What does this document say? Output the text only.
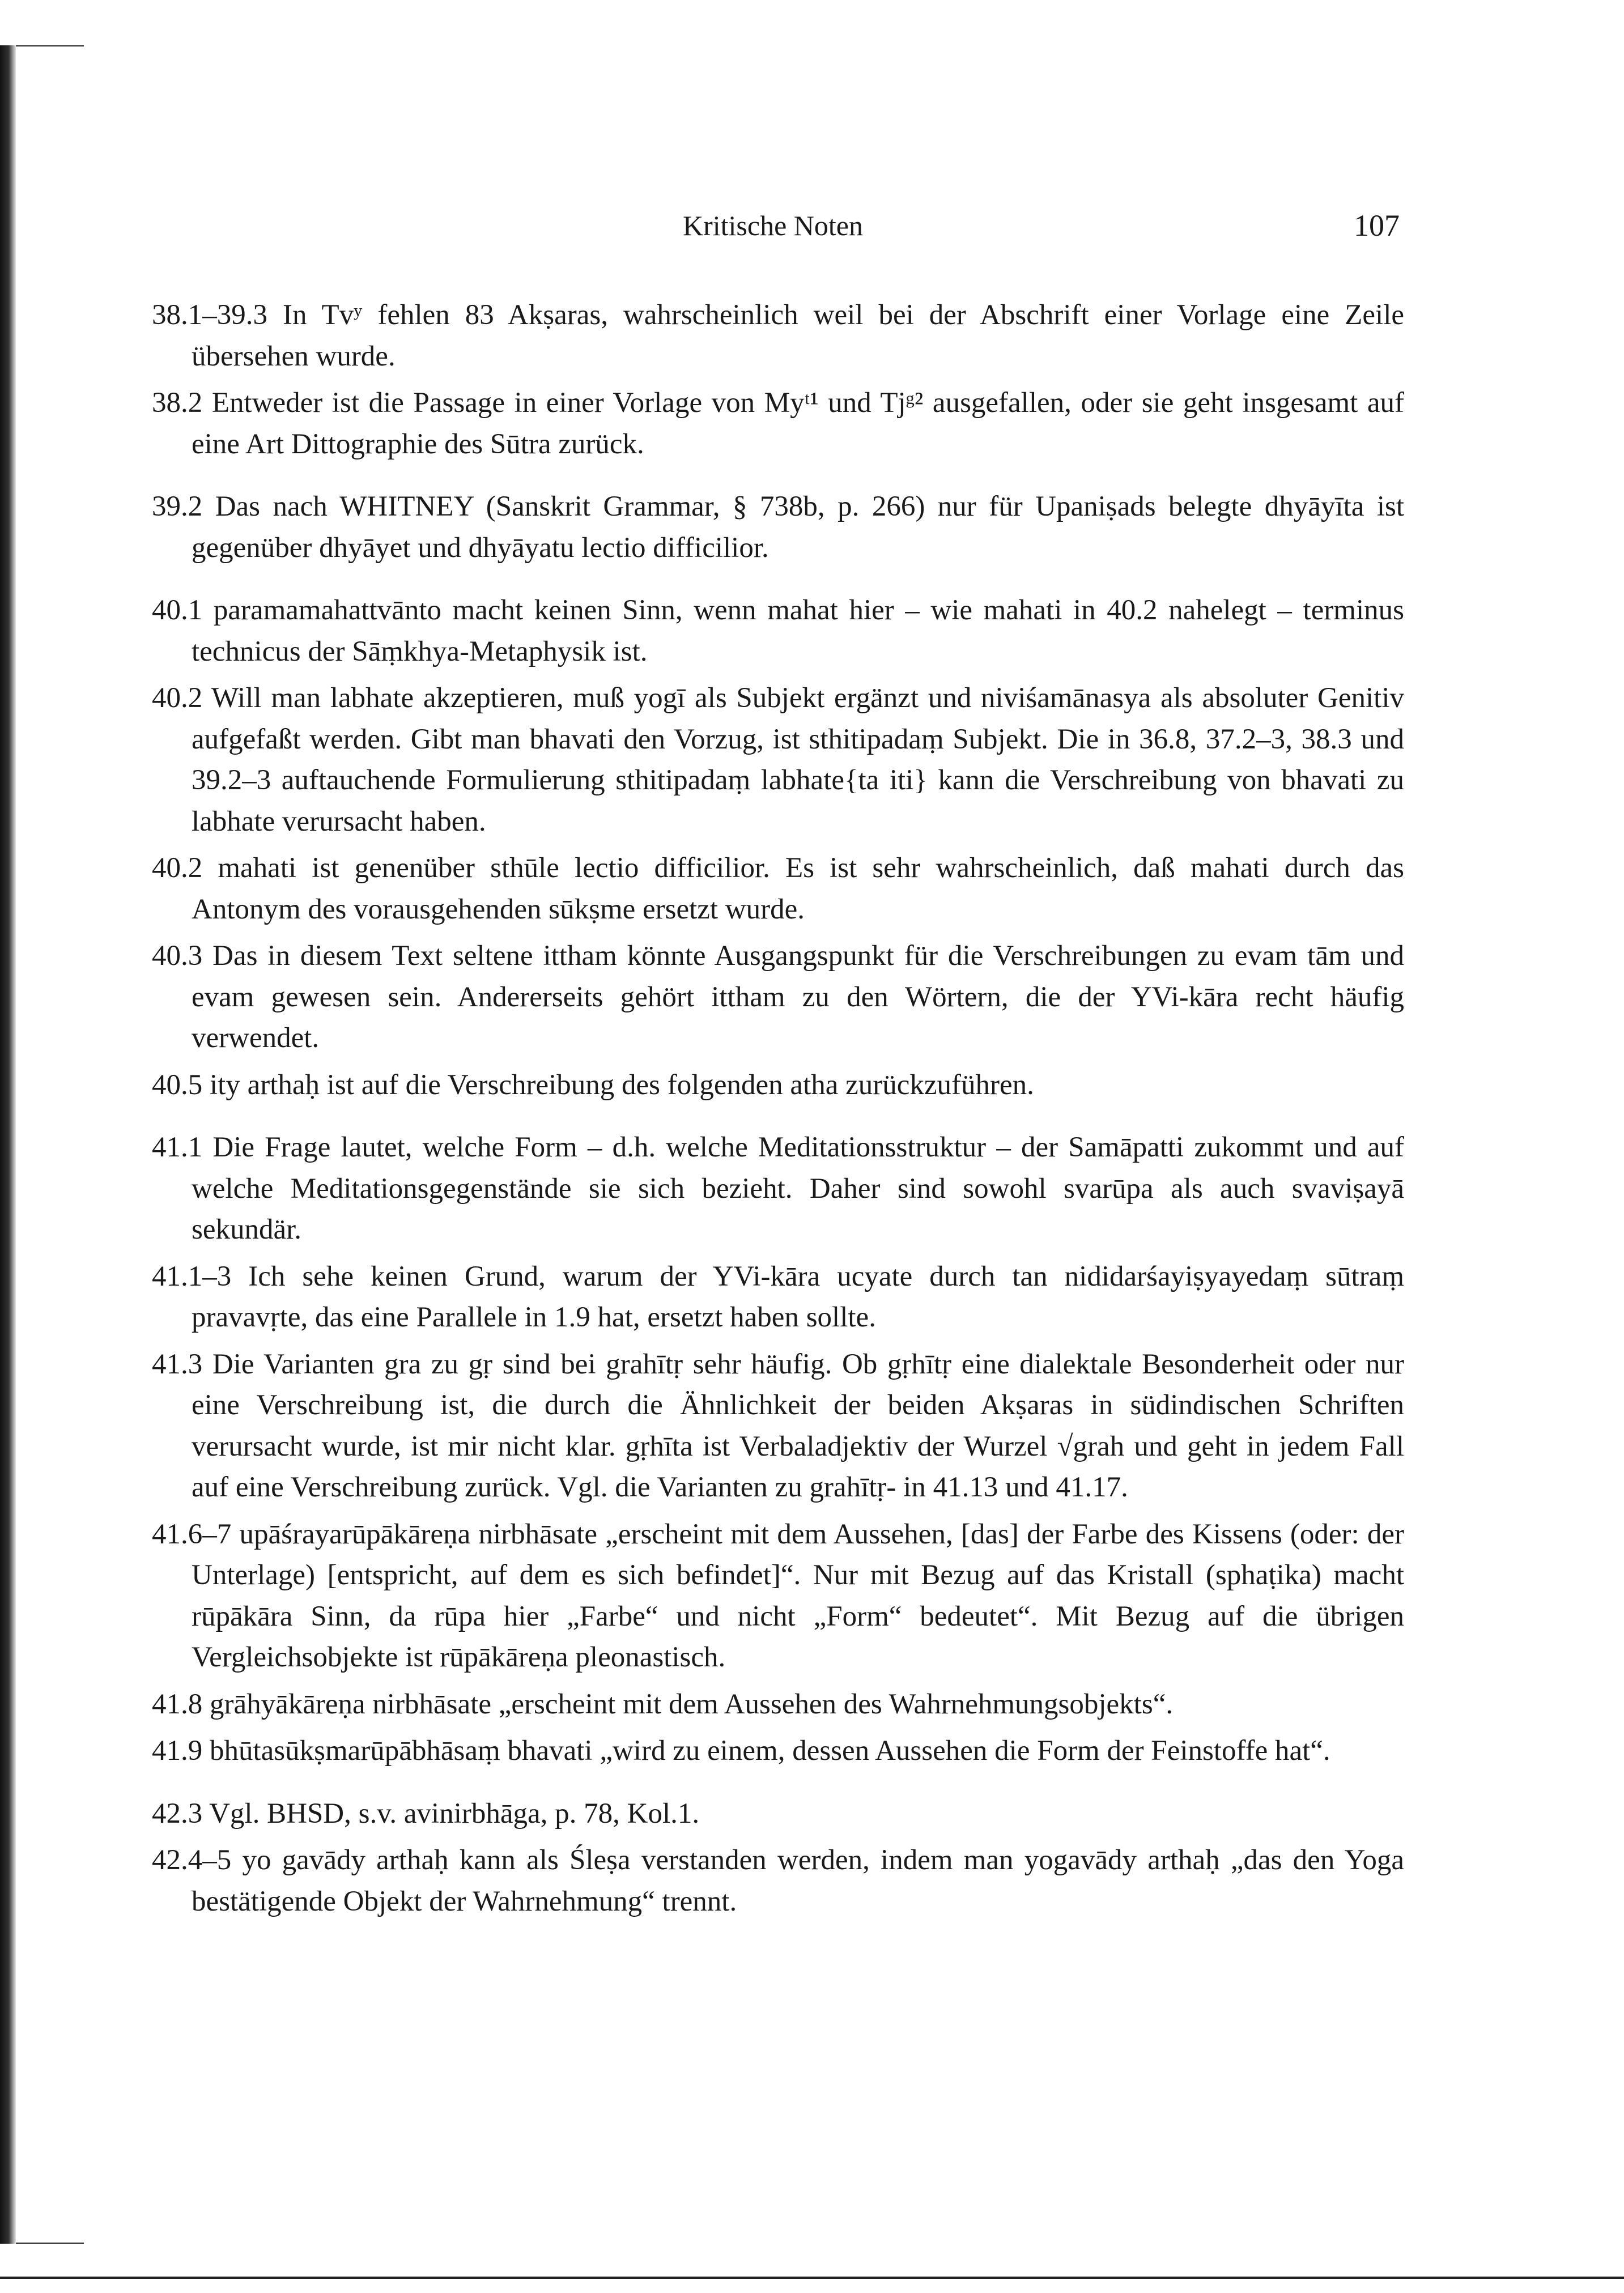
Kritische Noten	107

38.1–39.3 In Tvʸ fehlen 83 Akṣaras, wahrscheinlich weil bei der Abschrift einer Vorlage eine Zeile übersehen wurde.

38.2 Entweder ist die Passage in einer Vorlage von Myᵗ¹ und Tjᵍ² ausgefallen, oder sie geht insgesamt auf eine Art Dittographie des Sūtra zurück.

39.2 Das nach WHITNEY (Sanskrit Grammar, § 738b, p. 266) nur für Upaniṣads belegte dhyāyīta ist gegenüber dhyāyet und dhyāyatu lectio difficilior.

40.1 paramamahattvānto macht keinen Sinn, wenn mahat hier – wie mahati in 40.2 nahelegt – terminus technicus der Sāṃkhya-Metaphysik ist.

40.2 Will man labhate akzeptieren, muß yogī als Subjekt ergänzt und niviśamānasya als absoluter Genitiv aufgefaßt werden. Gibt man bhavati den Vorzug, ist sthitipadaṃ Subjekt. Die in 36.8, 37.2–3, 38.3 und 39.2–3 auftauchende Formulierung sthitipadaṃ labhate{ta iti} kann die Verschreibung von bhavati zu labhate verursacht haben.

40.2 mahati ist genenüber sthūle lectio difficilior. Es ist sehr wahrscheinlich, daß mahati durch das Antonym des vorausgehenden sūkṣme ersetzt wurde.

40.3 Das in diesem Text seltene ittham könnte Ausgangspunkt für die Verschreibungen zu evam tām und evam gewesen sein. Andererseits gehört ittham zu den Wörtern, die der YVi-kāra recht häufig verwendet.

40.5 ity arthaḥ ist auf die Verschreibung des folgenden atha zurückzuführen.

41.1 Die Frage lautet, welche Form – d.h. welche Meditationsstruktur – der Samāpatti zukommt und auf welche Meditationsgegenstände sie sich bezieht. Daher sind sowohl svarūpa als auch svaviṣayā sekundär.

41.1–3 Ich sehe keinen Grund, warum der YVi-kāra ucyate durch tan nididarśayiṣyayedaṃ sūtraṃ pravavṛte, das eine Parallele in 1.9 hat, ersetzt haben sollte.

41.3 Die Varianten gra zu gṛ sind bei grahītṛ sehr häufig. Ob gṛhītṛ eine dialektale Besonderheit oder nur eine Verschreibung ist, die durch die Ähnlichkeit der beiden Akṣaras in südindischen Schriften verursacht wurde, ist mir nicht klar. gṛhīta ist Verbaladjektiv der Wurzel √grah und geht in jedem Fall auf eine Verschreibung zurück. Vgl. die Varianten zu grahītṛ- in 41.13 und 41.17.

41.6–7 upāśrayarūpākāreṇa nirbhāsate „erscheint mit dem Aussehen, [das] der Farbe des Kissens (oder: der Unterlage) [entspricht, auf dem es sich befindet]“. Nur mit Bezug auf das Kristall (sphaṭika) macht rūpākāra Sinn, da rūpa hier „Farbe“ und nicht „Form“ bedeutet“. Mit Bezug auf die übrigen Vergleichsobjekte ist rūpākāreṇa pleonastisch.

41.8 grāhyākāreṇa nirbhāsate „erscheint mit dem Aussehen des Wahrnehmungsobjekts“.

41.9 bhūtasūkṣmarūpābhāsaṃ bhavati „wird zu einem, dessen Aussehen die Form der Feinstoffe hat“.

42.3 Vgl. BHSD, s.v. avinirbhāga, p. 78, Kol.1.

42.4–5 yo gavādy arthaḥ kann als Śleṣa verstanden werden, indem man yogavādy arthaḥ „das den Yoga bestätigende Objekt der Wahrnehmung“ trennt.
